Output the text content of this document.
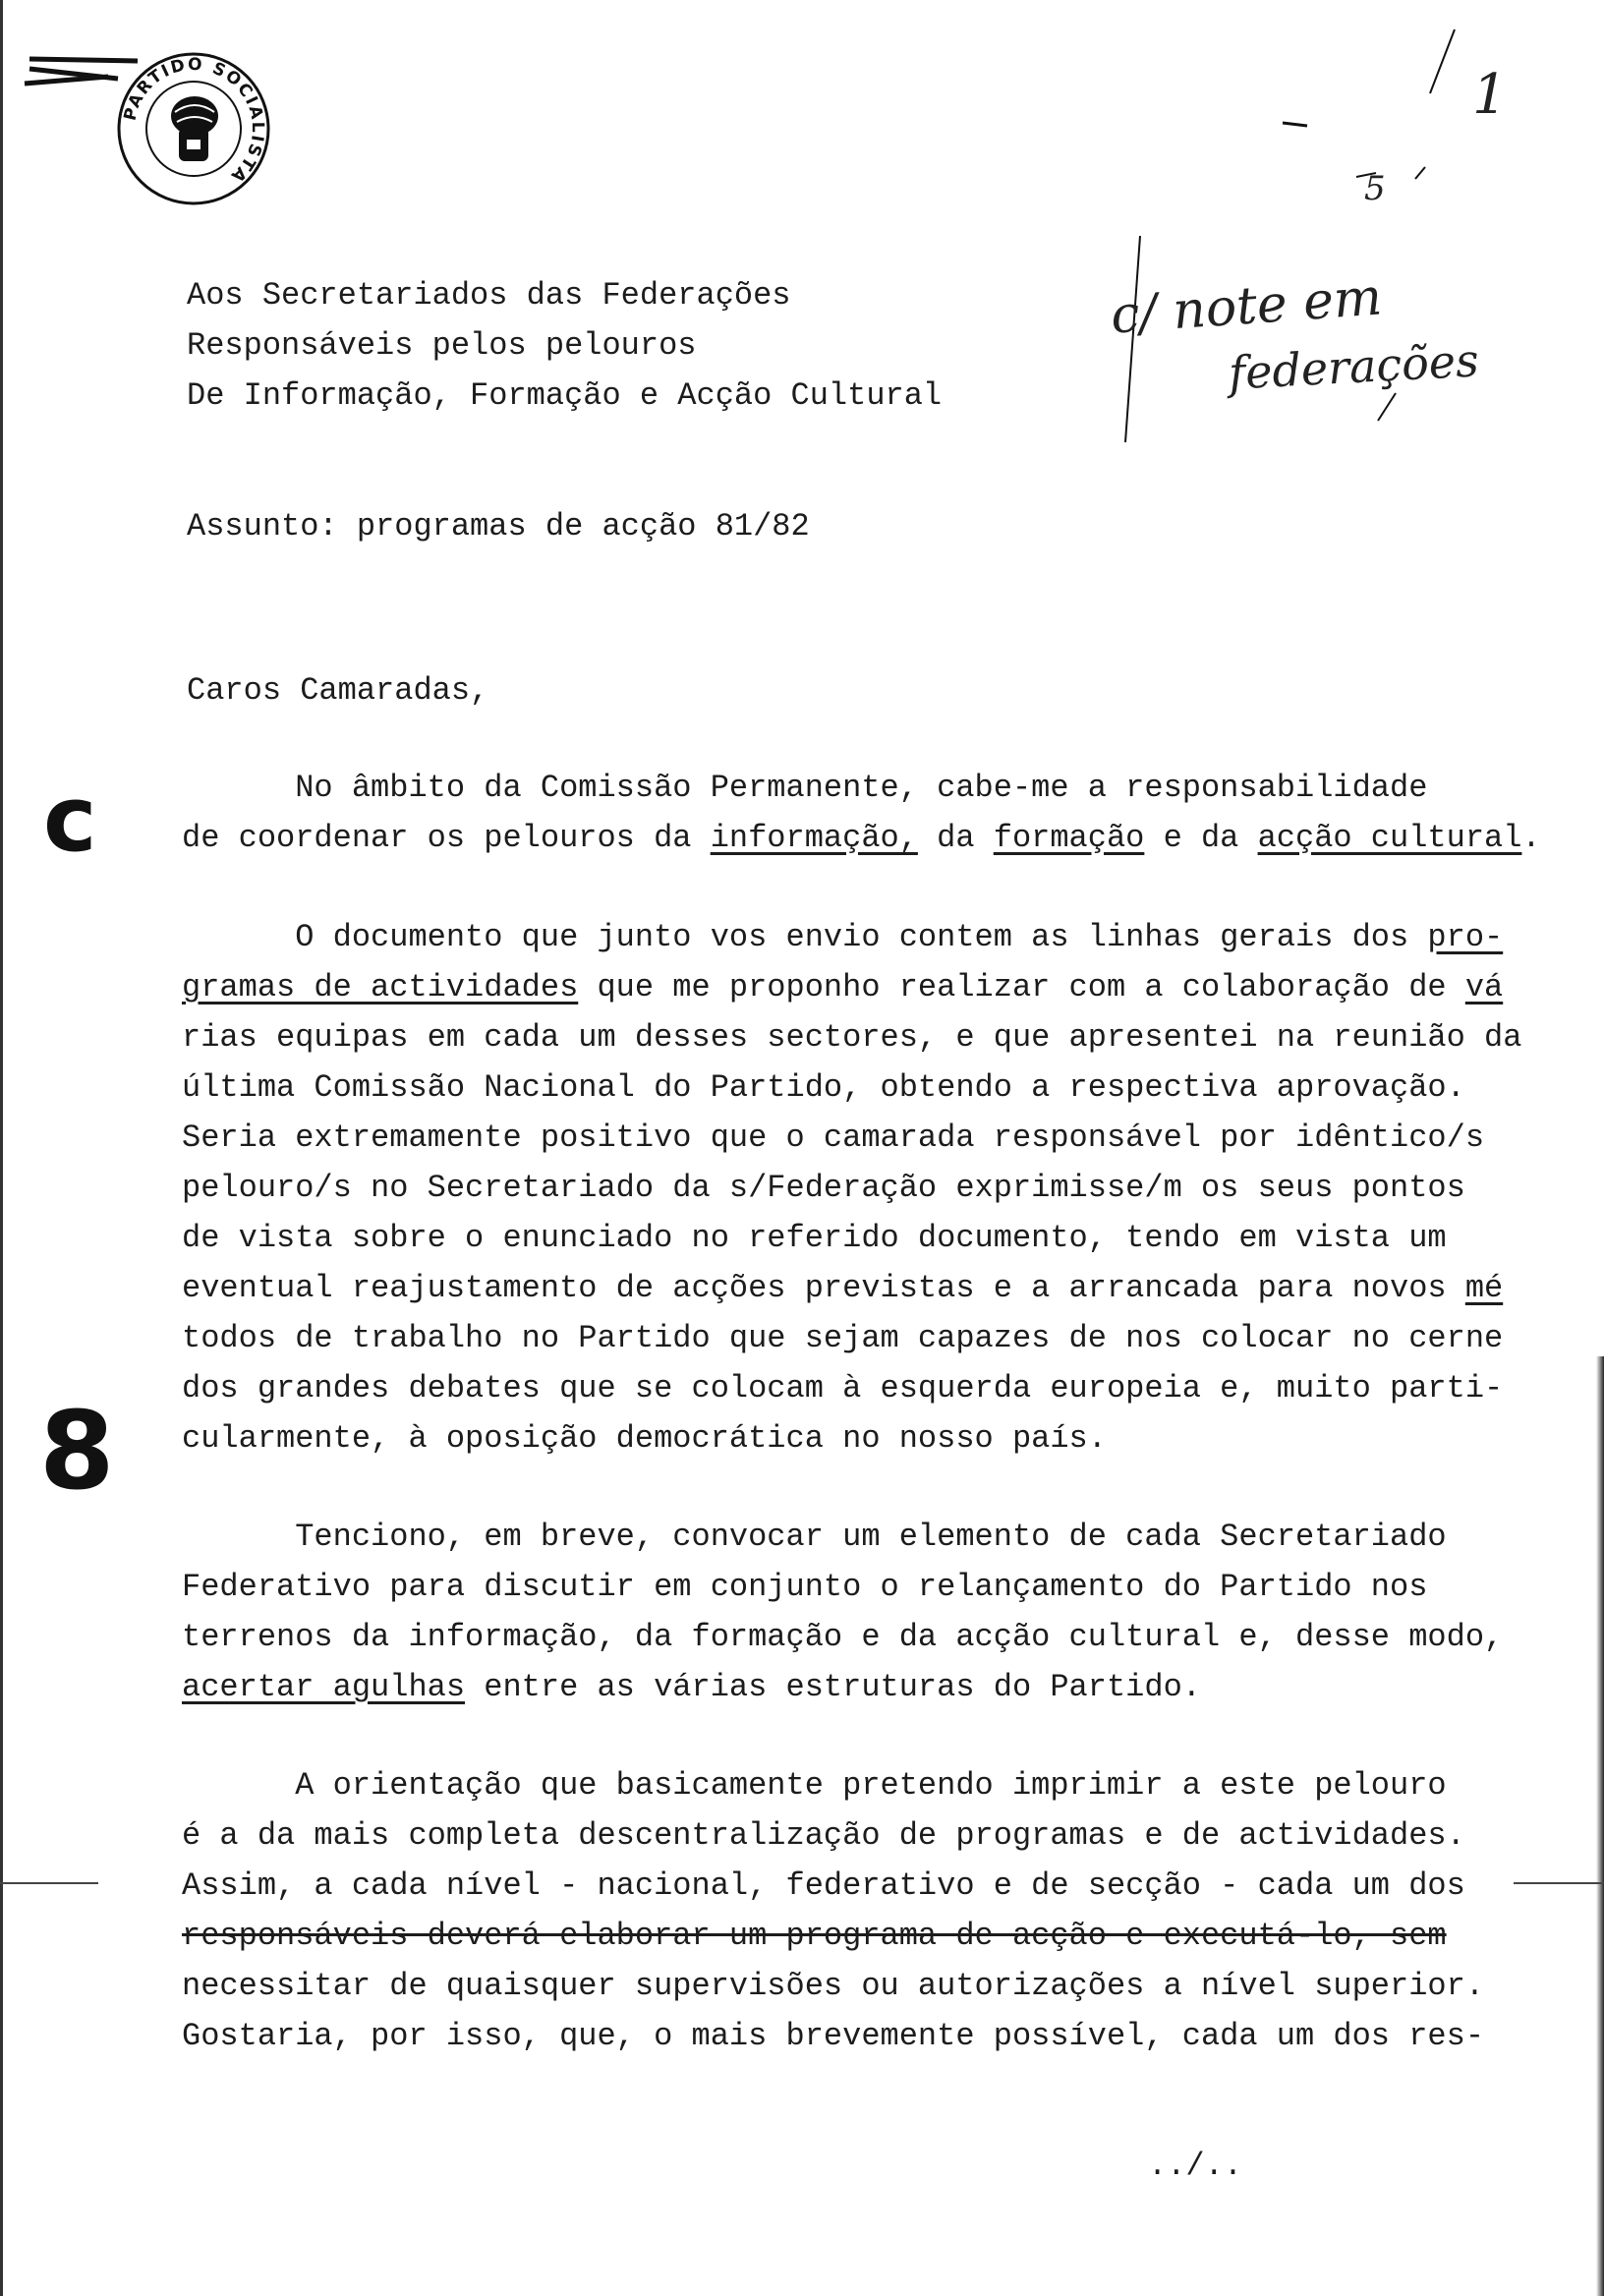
PARTIDO SOCIALISTA
1
5
c/ note em
federações
Aos Secretariados das Federações
Responsáveis pelos pelouros
De Informação, Formação e Acção Cultural
Assunto: programas de acção 81/82
Caros Camaradas,
c
8
No âmbito da Comissão Permanente, cabe-me a responsabilidade
de coordenar os pelouros da informação, da formação e da acção cultural.
O documento que junto vos envio contem as linhas gerais dos pro-
gramas de actividades que me proponho realizar com a colaboração de vá
rias equipas em cada um desses sectores, e que apresentei na reunião da
última Comissão Nacional do Partido, obtendo a respectiva aprovação.
Seria extremamente positivo que o camarada responsável por idêntico/s
pelouro/s no Secretariado da s/Federação exprimisse/m os seus pontos
de vista sobre o enunciado no referido documento, tendo em vista um
eventual reajustamento de acções previstas e a arrancada para novos mé
todos de trabalho no Partido que sejam capazes de nos colocar no cerne
dos grandes debates que se colocam à esquerda europeia e, muito parti-
cularmente, à oposição democrática no nosso país.
Tenciono, em breve, convocar um elemento de cada Secretariado
Federativo para discutir em conjunto o relançamento do Partido nos
terrenos da informação, da formação e da acção cultural e, desse modo,
acertar agulhas entre as várias estruturas do Partido.
A orientação que basicamente pretendo imprimir a este pelouro
é a da mais completa descentralização de programas e de actividades.
Assim, a cada nível - nacional, federativo e de secção - cada um dos
responsáveis deverá elaborar um programa de acção e executá-lo, sem
necessitar de quaisquer supervisões ou autorizações a nível superior.
Gostaria, por isso, que, o mais brevemente possível, cada um dos res-
../..
